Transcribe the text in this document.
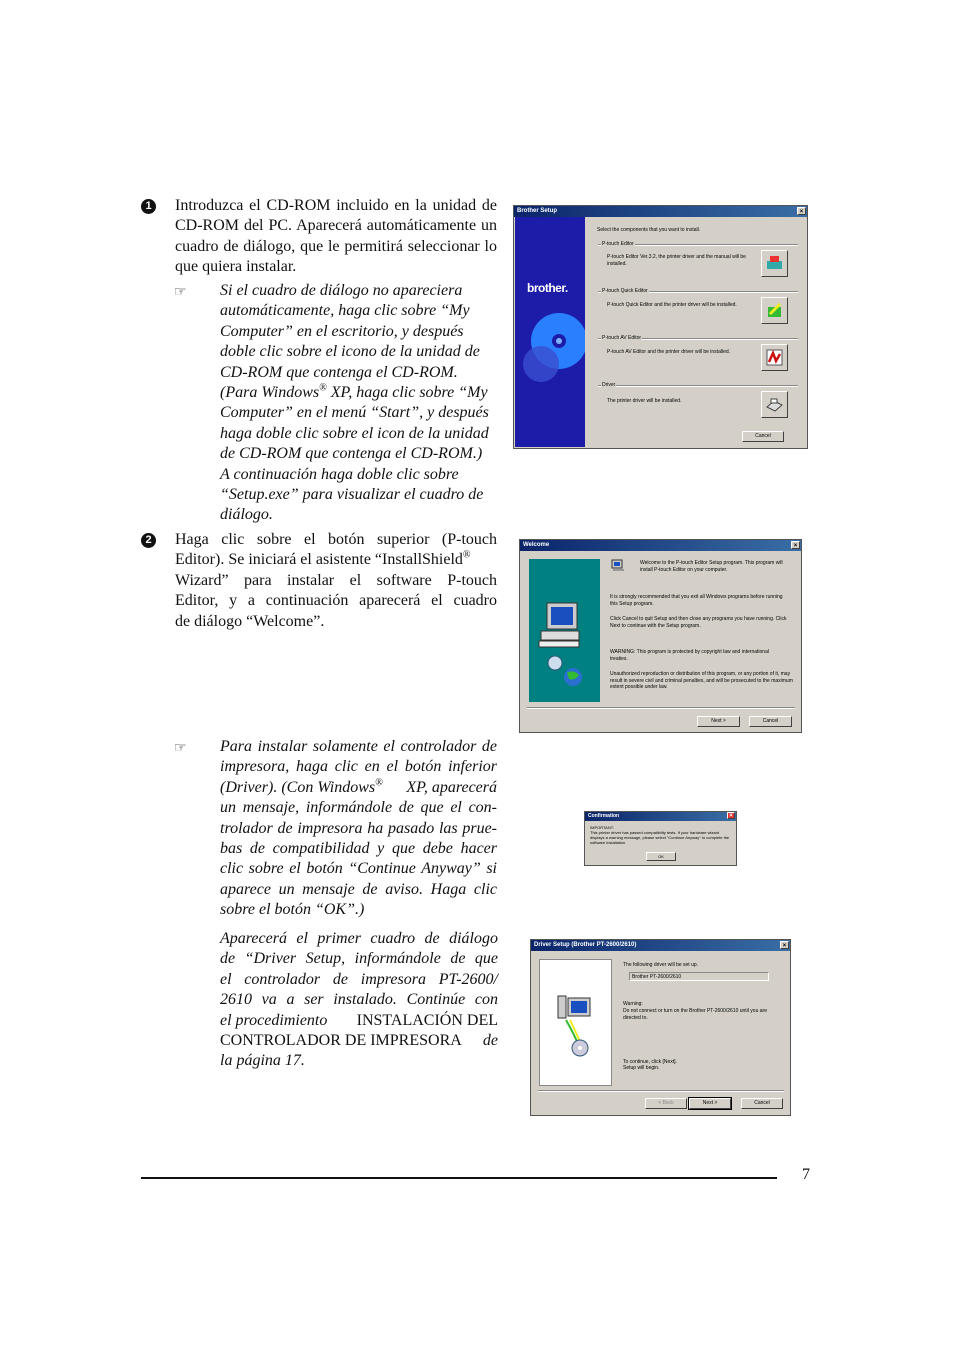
1 Introduzca el CD-ROM incluido en la unidad de CD-ROM del PC. Aparecerá automáticamente un cuadro de diálogo, que le permitirá seleccionar lo que quiera instalar.
☞ Si el cuadro de diálogo no apareciera
automáticamente, haga clic sobre “My
Computer” en el escritorio, y después
doble clic sobre el icono de la unidad de
CD-ROM que contenga el CD-ROM.
(Para Windows® XP, haga clic sobre “My
Computer” en el menú “Start”, y después
haga doble clic sobre el icon de la unidad
de CD-ROM que contenga el CD-ROM.)
A continuación haga doble clic sobre
“Setup.exe” para visualizar el cuadro de
diálogo.
2 Haga clic sobre el botón superior (P-touch
Editor). Se iniciará el asistente “InstallShield®
Wizard” para instalar el software P-touch
Editor, y a continuación aparecerá el cuadro
de diálogo “Welcome”.
☞ Para instalar solamente el controlador de
impresora, haga clic en el botón inferior
(Driver). (Con Windows® XP, aparecerá
un mensaje, informándole de que el con-
trolador de impresora ha pasado las prue-
bas de compatibilidad y que debe hacer
clic sobre el botón “Continue Anyway” si
aparece un mensaje de aviso. Haga clic
sobre el botón “OK”.)
Aparecerá el primer cuadro de diálogo
de “Driver Setup, informándole de que
el controlador de impresora PT-2600/
2610 va a ser instalado. Continúe con
el procedimiento INSTALACIÓN DEL
CONTROLADOR DE IMPRESORA de
la página 17.
Brother Setup	×
brother.
Select the components that you want to install.
P-touch Editor
P-touch Editor Ver.3.2, the printer driver and the manual will be installed.
P-touch Quick Editor
P-touch Quick Editor and the printer driver will be installed.
P-touch AV Editor
P-touch AV Editor and the printer driver will be installed.
Driver
The printer driver will be installed.
Cancel
Welcome	×
Welcome to the P-touch Editor Setup program. This program will install P-touch Editor on your computer.
It is strongly recommended that you exit all Windows programs before running this Setup program.
Click Cancel to quit Setup and then close any programs you have running. Click Next to continue with the Setup program.
WARNING: This program is protected by copyright law and international treaties.
Unauthorized reproduction or distribution of this program, or any portion of it, may result in severe civil and criminal penalties, and will be prosecuted to the maximum extent possible under law.
Next >	Cancel
Confirmation	×
IMPORTANT:
This printer driver has passed compatibility tests. If your hardware wizard displays a warning message, please select "Continue Anyway" to complete the software installation.
OK
Driver Setup (Brother PT-2600/2610)	×
The following driver will be set up.
Brother PT-2600/2610
Warning:
Do not connect or turn on the Brother PT-2600/2610 until you are directed to.
To continue, click [Next].
Setup will begin.
< Back	Next >	Cancel
7
